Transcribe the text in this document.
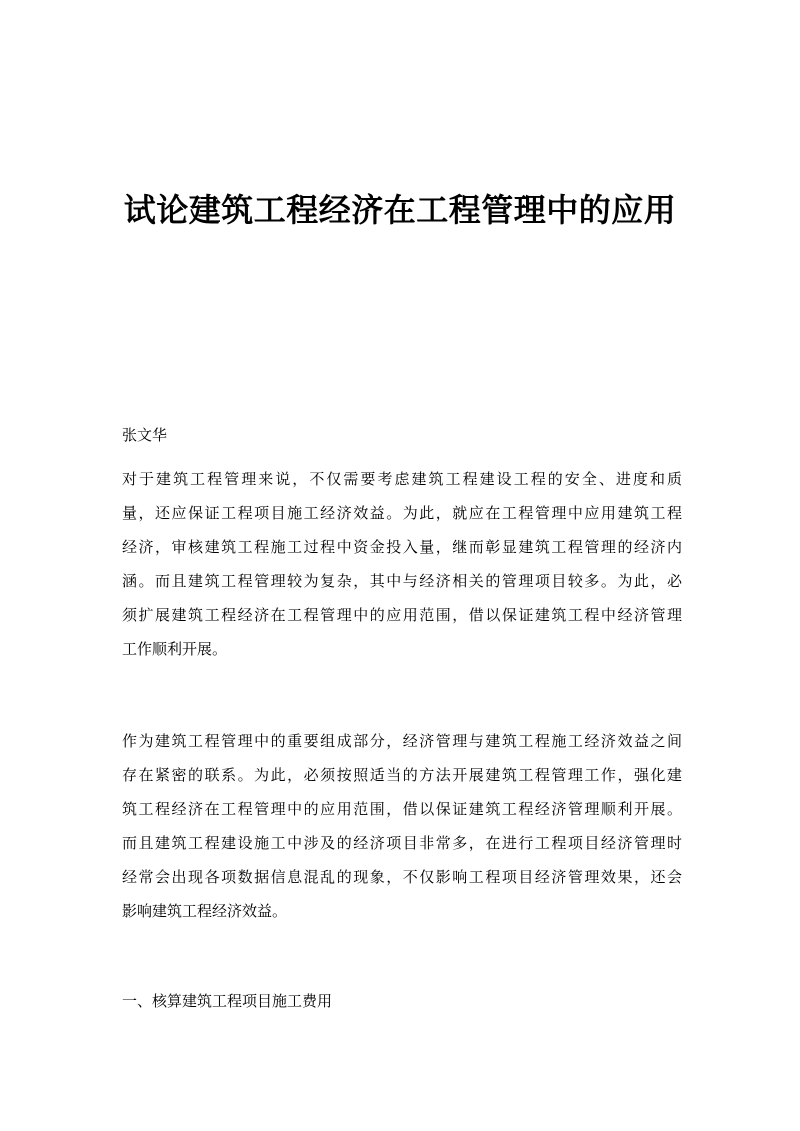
试论建筑工程经济在工程管理中的应用

张文华

对于建筑工程管理来说，不仅需要考虑建筑工程建设工程的安全、进度和质
量，还应保证工程项目施工经济效益。为此，就应在工程管理中应用建筑工程
经济，审核建筑工程施工过程中资金投入量，继而彰显建筑工程管理的经济内
涵。而且建筑工程管理较为复杂，其中与经济相关的管理项目较多。为此，必
须扩展建筑工程经济在工程管理中的应用范围，借以保证建筑工程中经济管理
工作顺利开展。

作为建筑工程管理中的重要组成部分，经济管理与建筑工程施工经济效益之间
存在紧密的联系。为此，必须按照适当的方法开展建筑工程管理工作，强化建
筑工程经济在工程管理中的应用范围，借以保证建筑工程经济管理顺利开展。
而且建筑工程建设施工中涉及的经济项目非常多，在进行工程项目经济管理时
经常会出现各项数据信息混乱的现象，不仅影响工程项目经济管理效果，还会
影响建筑工程经济效益。

一、核算建筑工程项目施工费用
